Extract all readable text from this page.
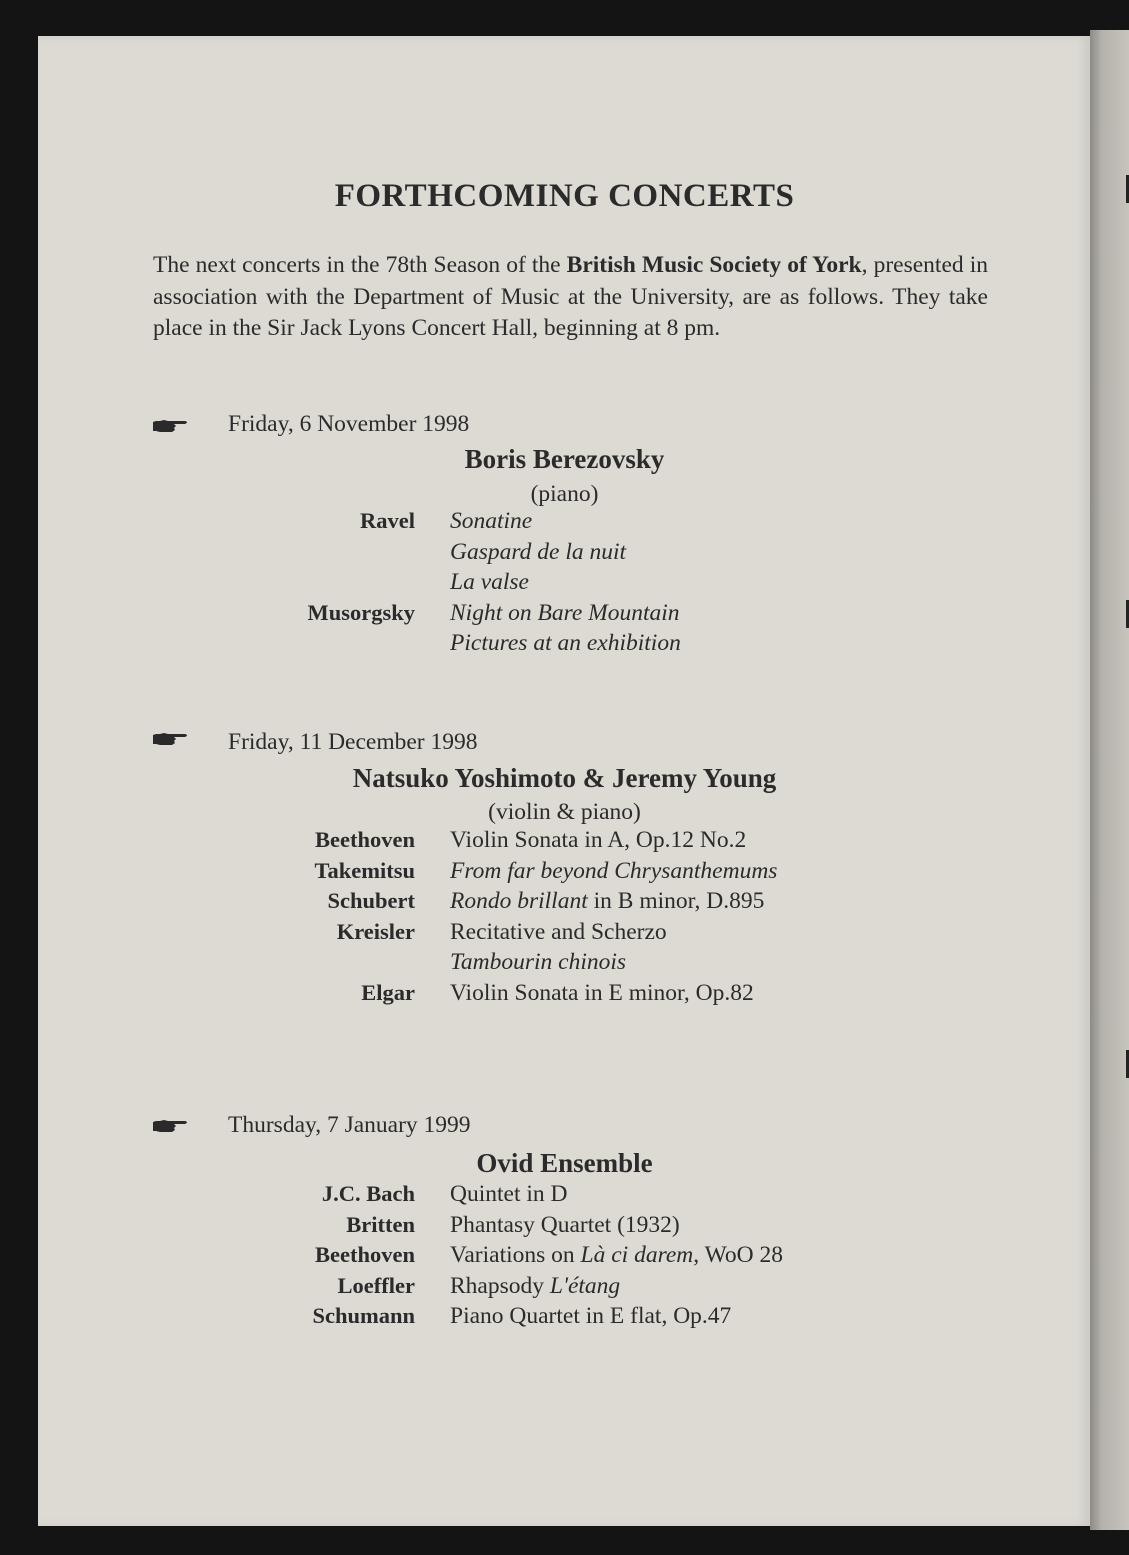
FORTHCOMING CONCERTS
The next concerts in the 78th Season of the British Music Society of York, presented in association with the Department of Music at the University, are as follows. They take place in the Sir Jack Lyons Concert Hall, beginning at 8 pm.
Friday, 6 November 1998
Boris Berezovsky
(piano)
Ravel Sonatine
Gaspard de la nuit
La valse
Musorgsky Night on Bare Mountain
Pictures at an exhibition
Friday, 11 December 1998
Natsuko Yoshimoto & Jeremy Young
(violin & piano)
Beethoven Violin Sonata in A, Op.12 No.2
Takemitsu From far beyond Chrysanthemums
Schubert Rondo brillant in B minor, D.895
Kreisler Recitative and Scherzo
Tambourin chinois
Elgar Violin Sonata in E minor, Op.82
Thursday, 7 January 1999
Ovid Ensemble
J.C. Bach Quintet in D
Britten Phantasy Quartet (1932)
Beethoven Variations on Là ci darem, WoO 28
Loeffler Rhapsody L'étang
Schumann Piano Quartet in E flat, Op.47
